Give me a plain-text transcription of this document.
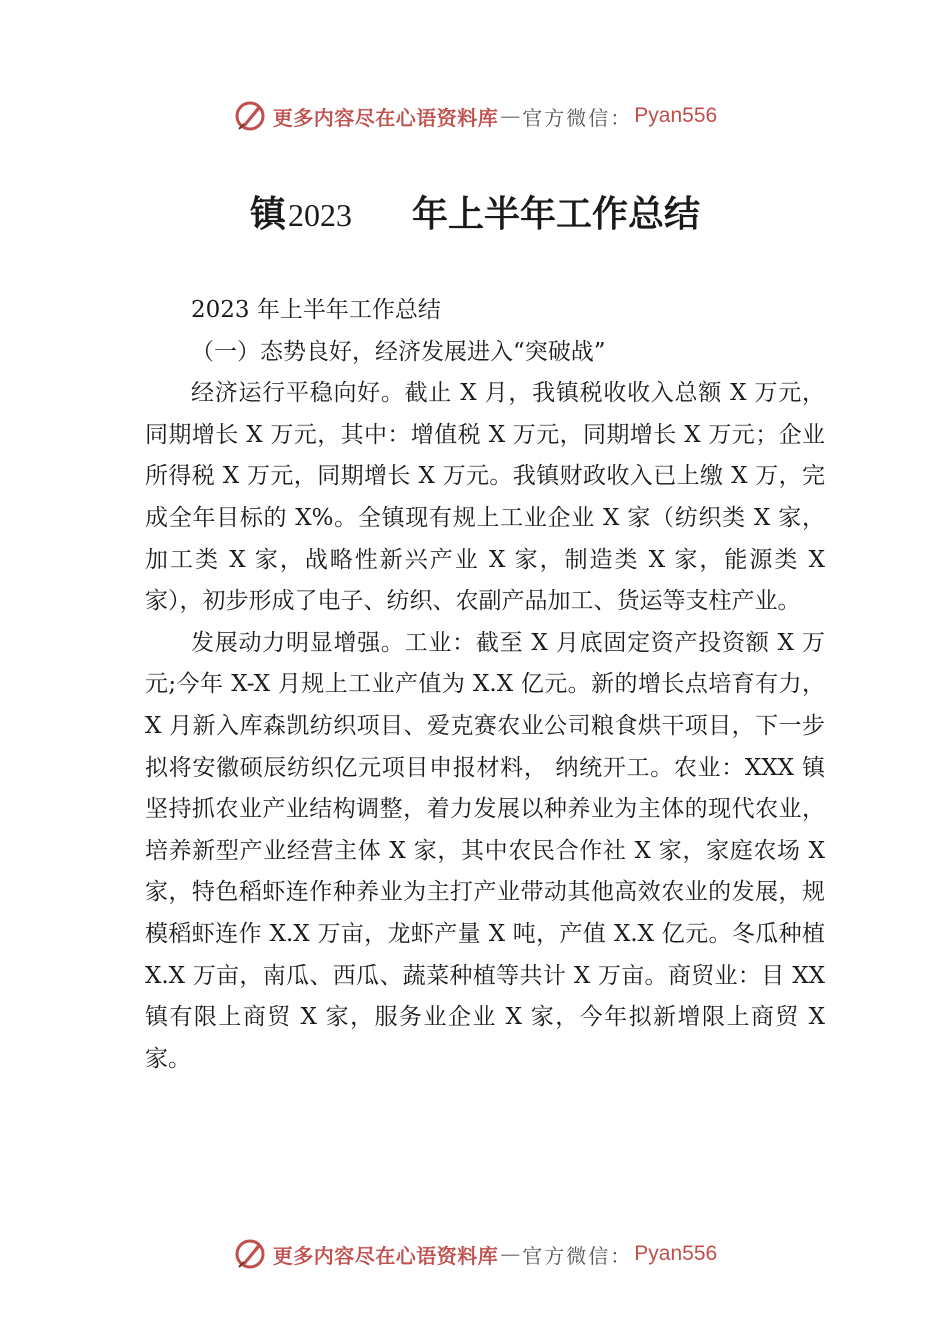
更多内容尽在心语资料库 — 官方微信： Pyan556
镇2023 年上半年工作总结

2023 年上半年工作总结

（一）态势良好，经济发展进入“突破战”

经济运行平稳向好。截止 X 月，我镇税收收入总额 X 万元，同期增长 X 万元，其中：增值税 X 万元，同期增长 X 万元；企业所得税 X 万元，同期增长 X 万元。我镇财政收入已上缴 X 万，完成全年目标的 X%。全镇现有规上工业企业 X 家（纺织类 X 家，加工类 X 家，战略性新兴产业 X 家，制造类 X 家，能源类 X 家），初步形成了电子、纺织、农副产品加工、货运等支柱产业。

发展动力明显增强。工业：截至 X 月底固定资产投资额 X 万元;今年 X-X 月规上工业产值为 X.X 亿元。新的增长点培育有力，X 月新入库森凯纺织项目、爱克赛农业公司粮食烘干项目，下一步拟将安徽硕辰纺织亿元项目申报材料， 纳统开工。农业：XXX 镇坚持抓农业产业结构调整，着力发展以种养业为主体的现代农业，培养新型产业经营主体 X 家，其中农民合作社 X 家，家庭农场 X 家，特色稻虾连作种养业为主打产业带动其他高效农业的发展，规模稻虾连作 X.X 万亩，龙虾产量 X 吨，产值 X.X 亿元。冬瓜种植 X.X 万亩，南瓜、西瓜、蔬菜种植等共计 X 万亩。商贸业：目 XX 镇有限上商贸 X 家，服务业企业 X 家，今年拟新增限上商贸 X 家。

更多内容尽在心语资料库 — 官方微信： Pyan556
